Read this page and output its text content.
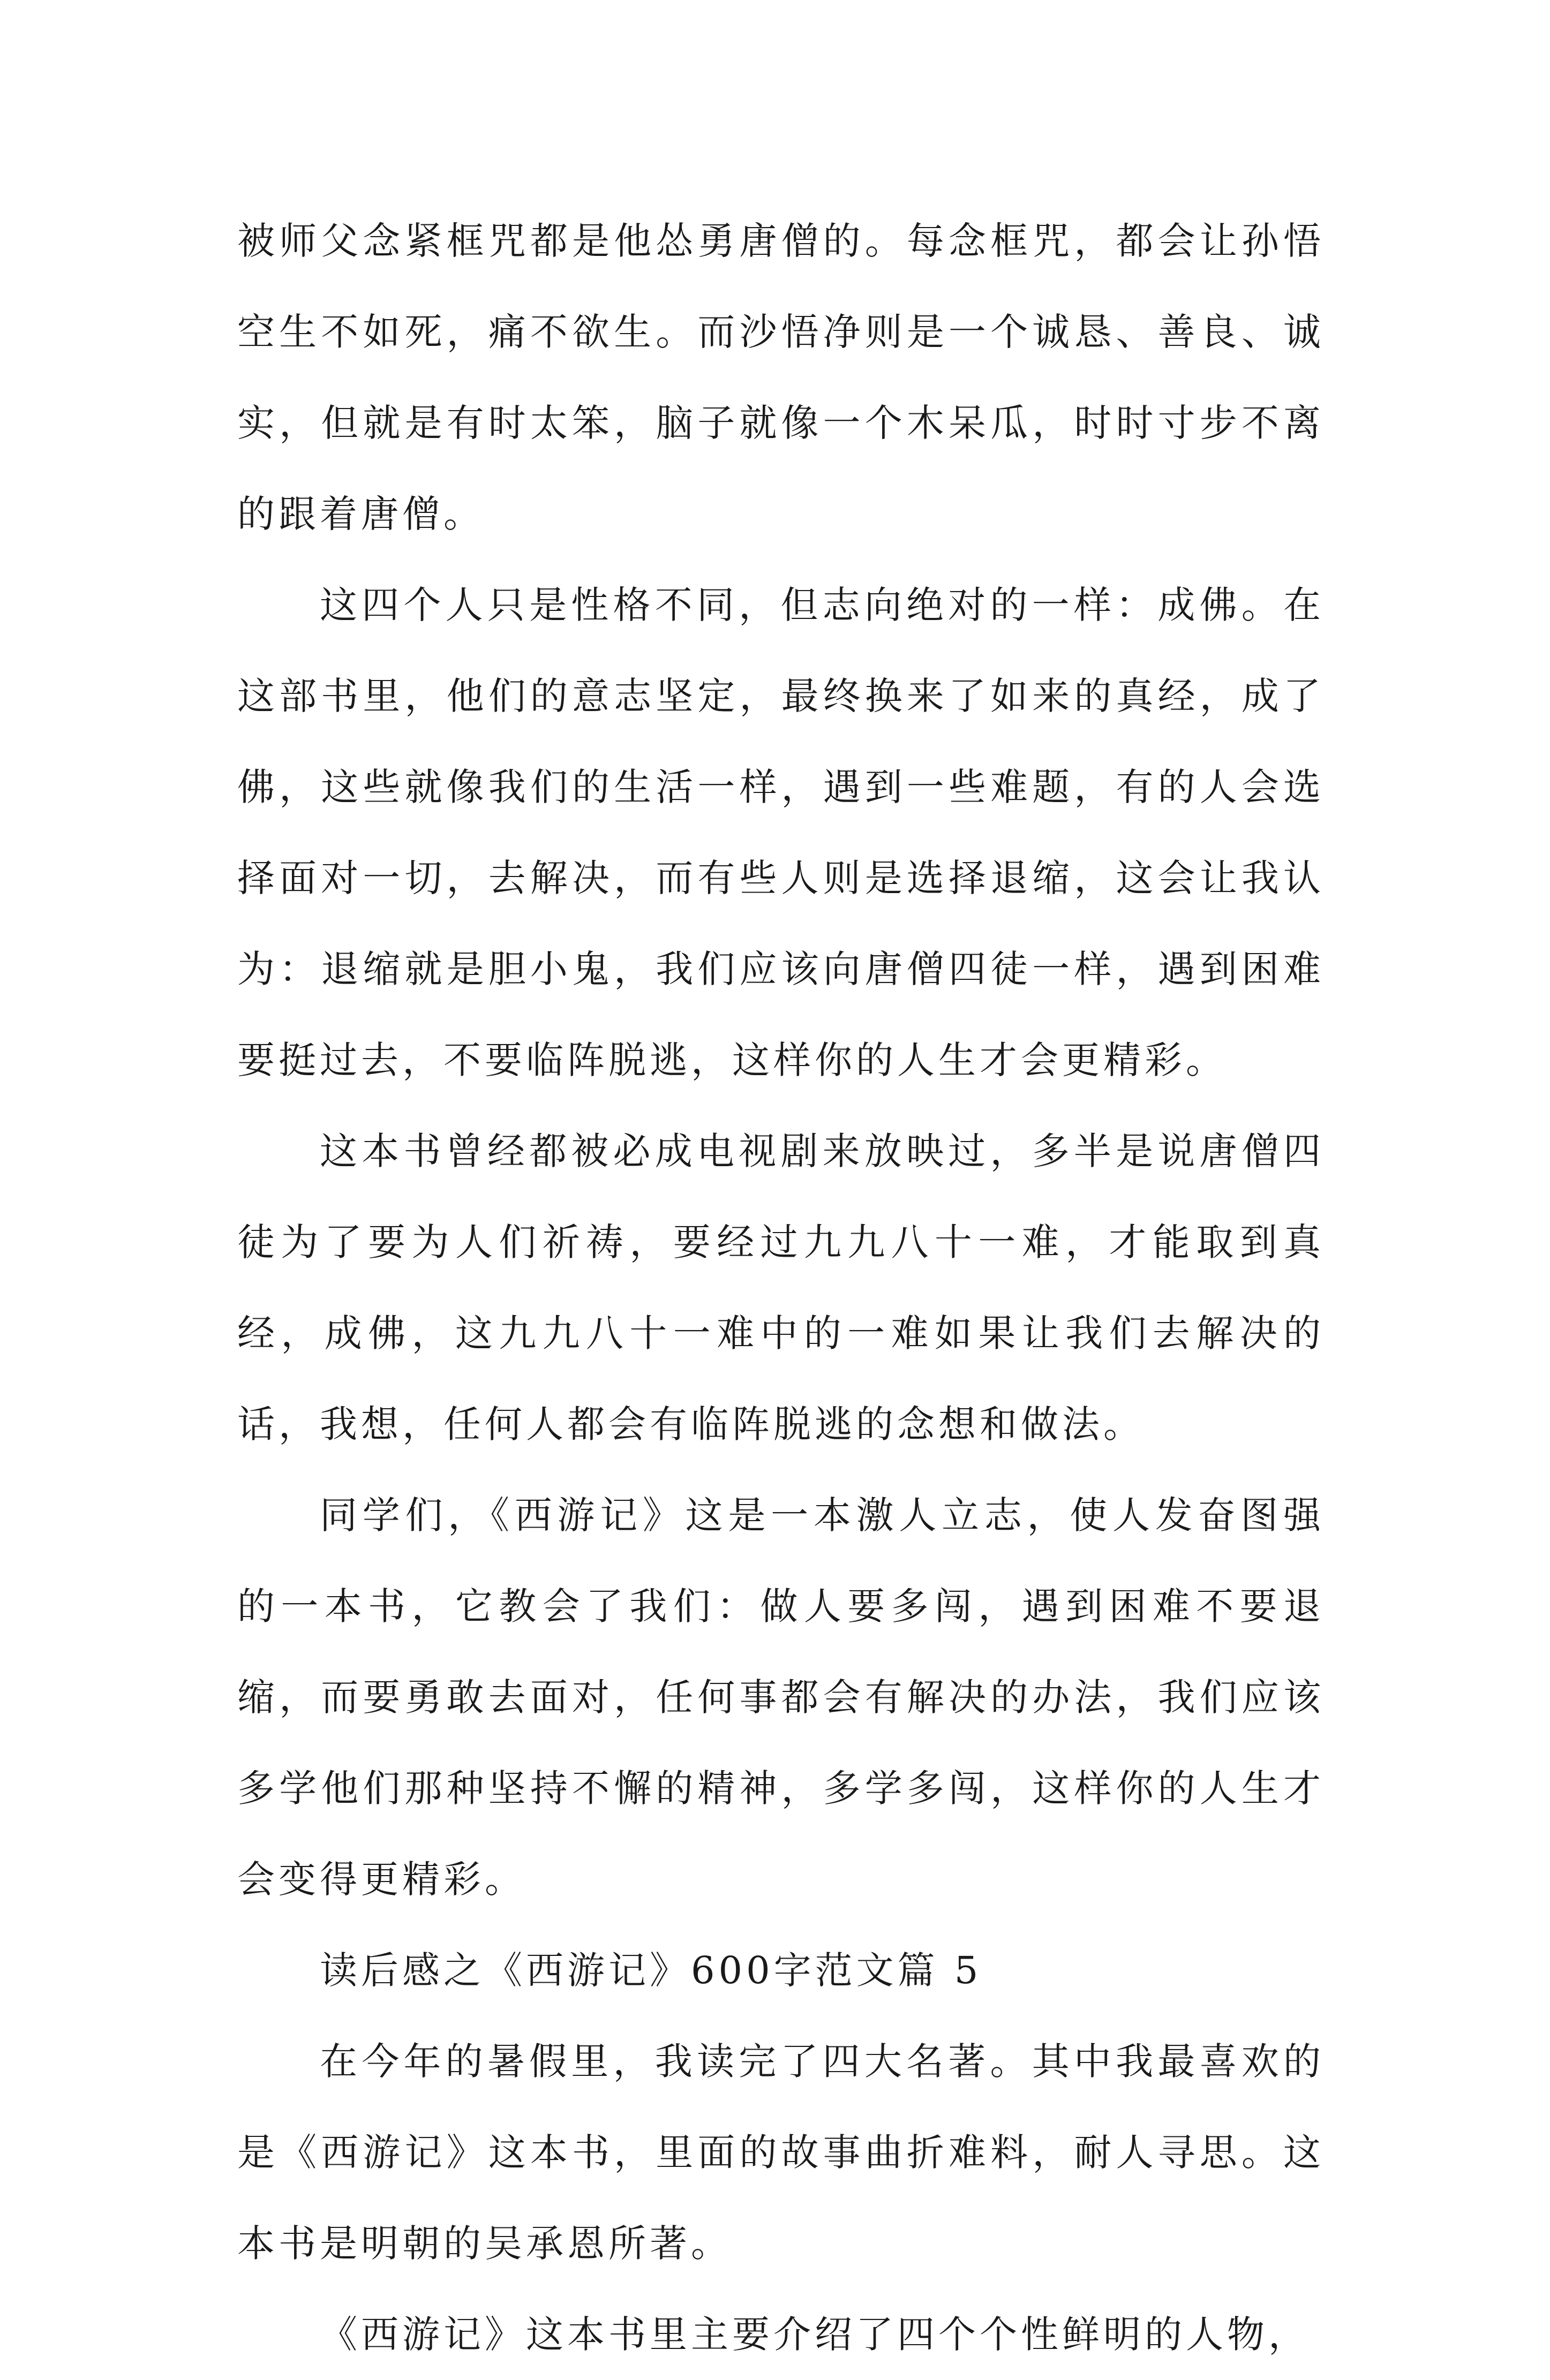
被师父念紧框咒都是他怂勇唐僧的。每念框咒，都会让孙悟空生不如死，痛不欲生。而沙悟净则是一个诚恳、善良、诚实，但就是有时太笨，脑子就像一个木呆瓜，时时寸步不离的跟着唐僧。

这四个人只是性格不同，但志向绝对的一样：成佛。在这部书里，他们的意志坚定，最终换来了如来的真经，成了佛，这些就像我们的生活一样，遇到一些难题，有的人会选择面对一切，去解决，而有些人则是选择退缩，这会让我认为：退缩就是胆小鬼，我们应该向唐僧四徒一样，遇到困难要挺过去，不要临阵脱逃，这样你的人生才会更精彩。

这本书曾经都被必成电视剧来放映过，多半是说唐僧四徒为了要为人们祈祷，要经过九九八十一难，才能取到真经，成佛，这九九八十一难中的一难如果让我们去解决的话，我想，任何人都会有临阵脱逃的念想和做法。

同学们，《西游记》这是一本激人立志，使人发奋图强的一本书，它教会了我们：做人要多闯，遇到困难不要退缩，而要勇敢去面对，任何事都会有解决的办法，我们应该多学他们那种坚持不懈的精神，多学多闯，这样你的人生才会变得更精彩。

读后感之《西游记》600字范文篇 5

在今年的暑假里，我读完了四大名著。其中我最喜欢的是《西游记》这本书，里面的故事曲折难料，耐人寻思。这本书是明朝的吴承恩所著。

《西游记》这本书里主要介绍了四个个性鲜明的人物，
